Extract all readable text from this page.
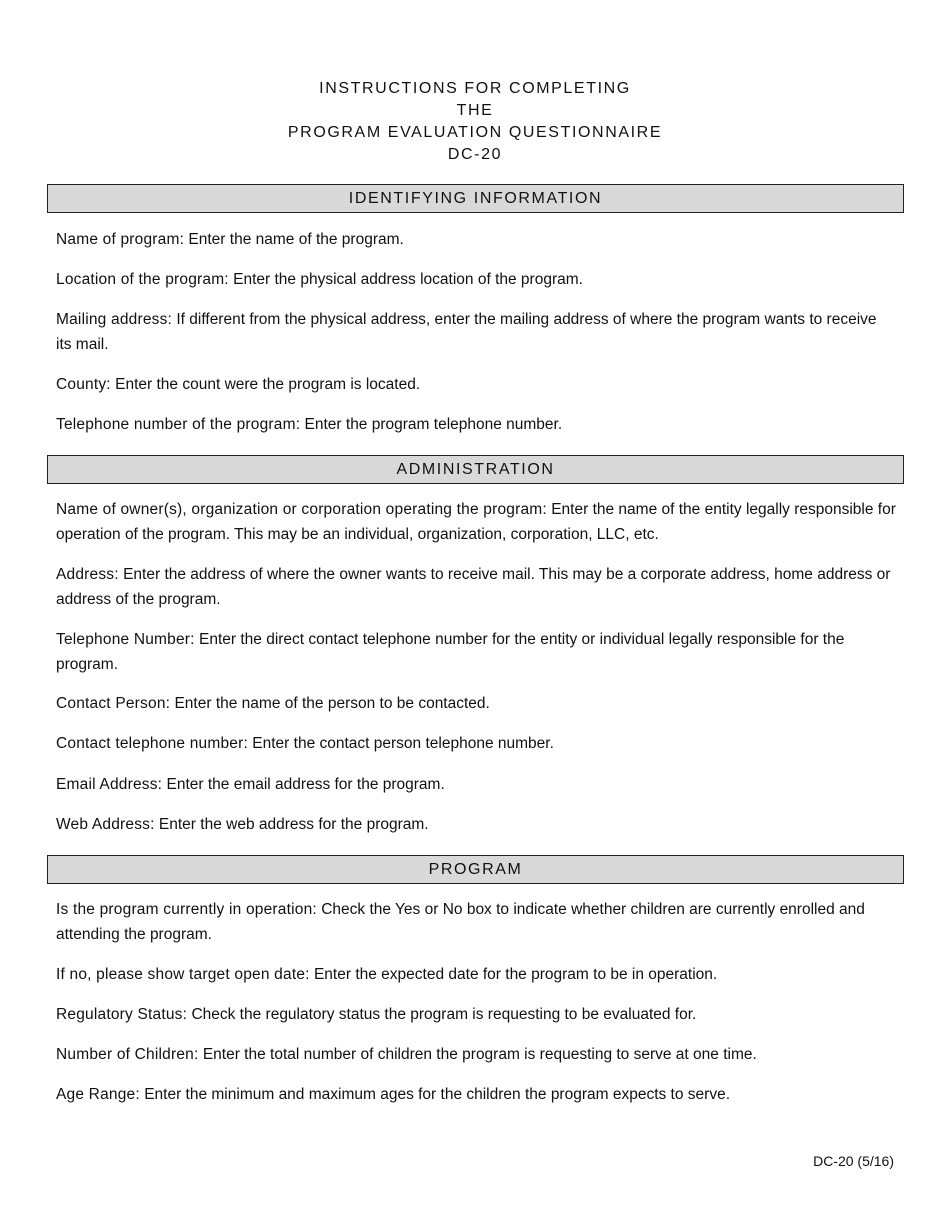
INSTRUCTIONS FOR COMPLETING
THE
PROGRAM EVALUATION QUESTIONNAIRE
DC-20
IDENTIFYING INFORMATION
Name of program: Enter the name of the program.
Location of the program: Enter the physical address location of the program.
Mailing address: If different from the physical address, enter the mailing address of where the program wants to receive its mail.
County: Enter the count were the program is located.
Telephone number of the program: Enter the program telephone number.
ADMINISTRATION
Name of owner(s), organization or corporation operating the program: Enter the name of the entity legally responsible for operation of the program. This may be an individual, organization, corporation, LLC, etc.
Address: Enter the address of where the owner wants to receive mail. This may be a corporate address, home address or address of the program.
Telephone Number: Enter the direct contact telephone number for the entity or individual legally responsible for the program.
Contact Person: Enter the name of the person to be contacted.
Contact telephone number: Enter the contact person telephone number.
Email Address: Enter the email address for the program.
Web Address: Enter the web address for the program.
PROGRAM
Is the program currently in operation: Check the Yes or No box to indicate whether children are currently enrolled and attending the program.
If no, please show target open date: Enter the expected date for the program to be in operation.
Regulatory Status: Check the regulatory status the program is requesting to be evaluated for.
Number of Children: Enter the total number of children the program is requesting to serve at one time.
Age Range: Enter the minimum and maximum ages for the children the program expects to serve.
DC-20 (5/16)
